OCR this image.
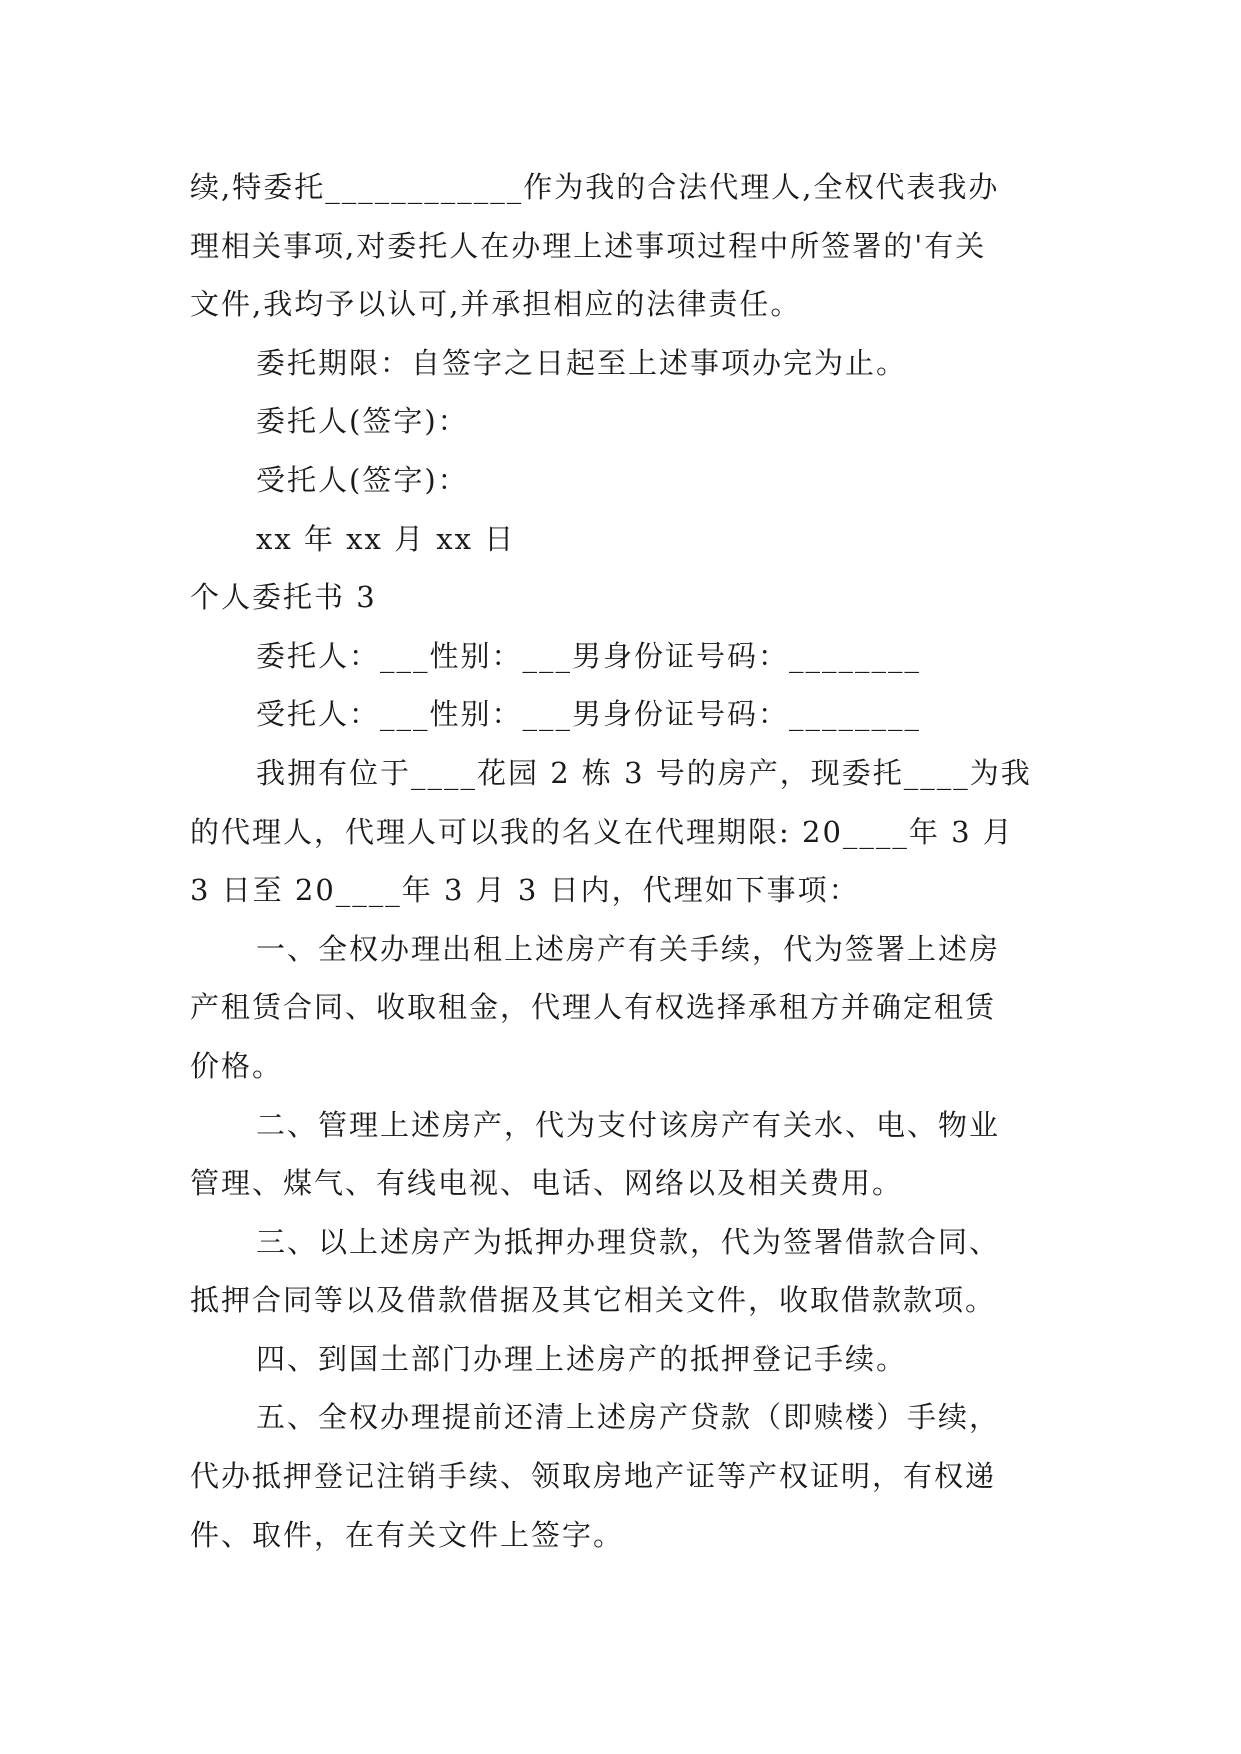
续,特委托____________作为我的合法代理人,全权代表我办
理相关事项,对委托人在办理上述事项过程中所签署的'有关
文件,我均予以认可,并承担相应的法律责任。
委托期限：自签字之日起至上述事项办完为止。
委托人(签字)：
受托人(签字)：
xx 年 xx 月 xx 日
个人委托书 3
委托人：___性别：___男身份证号码：________
受托人：___性别：___男身份证号码：________
我拥有位于____花园 2 栋 3 号的房产，现委托____为我
的代理人，代理人可以我的名义在代理期限: 20____年 3 月
3 日至 20____年 3 月 3 日内，代理如下事项：
一、全权办理出租上述房产有关手续，代为签署上述房
产租赁合同、收取租金，代理人有权选择承租方并确定租赁
价格。
二、管理上述房产，代为支付该房产有关水、电、物业
管理、煤气、有线电视、电话、网络以及相关费用。
三、以上述房产为抵押办理贷款，代为签署借款合同、
抵押合同等以及借款借据及其它相关文件，收取借款款项。
四、到国土部门办理上述房产的抵押登记手续。
五、全权办理提前还清上述房产贷款（即赎楼）手续，
代办抵押登记注销手续、领取房地产证等产权证明，有权递
件、取件，在有关文件上签字。
